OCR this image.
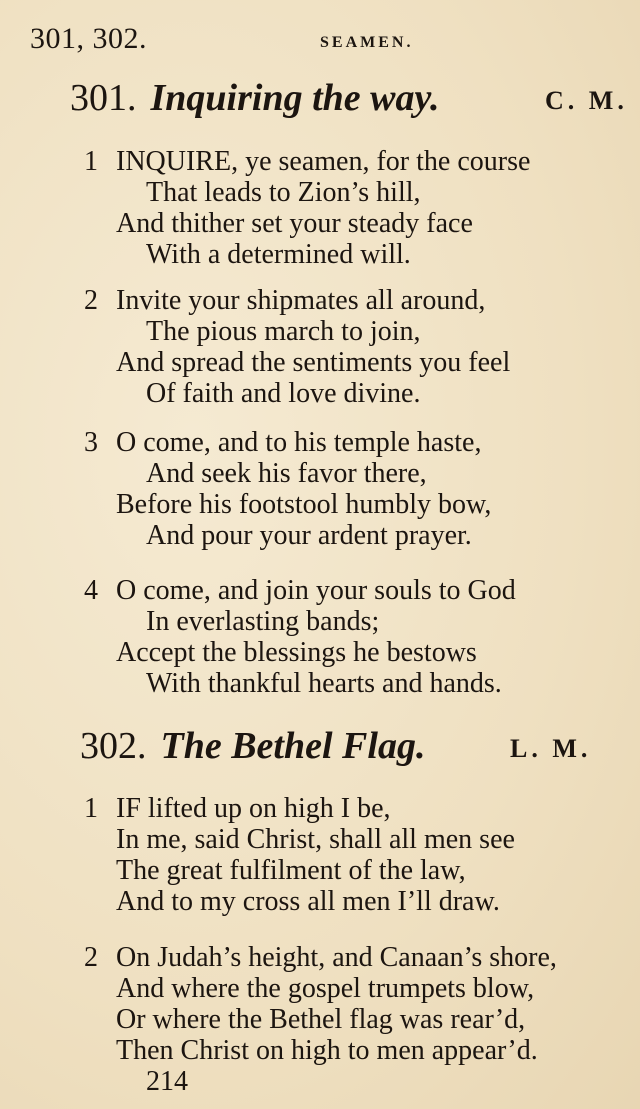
301, 302.	SEAMEN.
301. Inquiring the way.	C. M.
1 INQUIRE, ye seamen, for the course
That leads to Zion’s hill,
And thither set your steady face
With a determined will.
2 Invite your shipmates all around,
The pious march to join,
And spread the sentiments you feel
Of faith and love divine.
3 O come, and to his temple haste,
And seek his favor there,
Before his footstool humbly bow,
And pour your ardent prayer.
4 O come, and join your souls to God
In everlasting bands;
Accept the blessings he bestows
With thankful hearts and hands.
302. The Bethel Flag.	L. M.
1 IF lifted up on high I be,
In me, said Christ, shall all men see
The great fulfilment of the law,
And to my cross all men I’ll draw.
2 On Judah’s height, and Canaan’s shore,
And where the gospel trumpets blow,
Or where the Bethel flag was rear’d,
Then Christ on high to men appear’d.
214
